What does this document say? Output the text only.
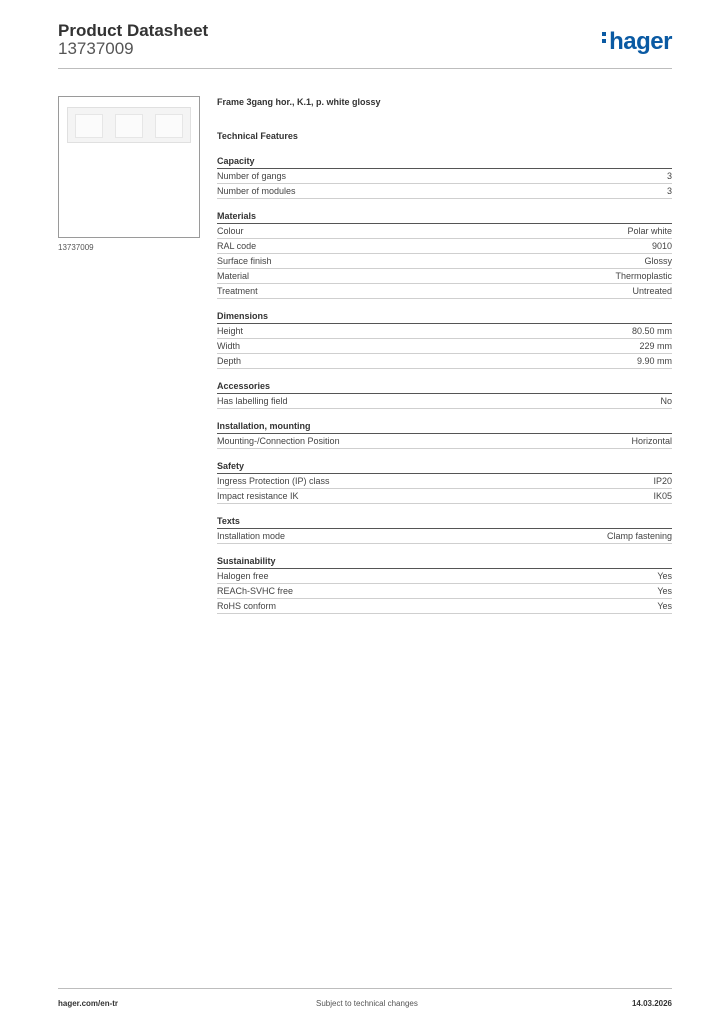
Product Datasheet
13737009	hager
13737009
Frame 3gang hor., K.1, p. white glossy
Technical Features
Capacity
Number of gangs	3
Number of modules	3
Materials
Colour	Polar white
RAL code	9010
Surface finish	Glossy
Material	Thermoplastic
Treatment	Untreated
Dimensions
Height	80.50 mm
Width	229 mm
Depth	9.90 mm
Accessories
Has labelling field	No
Installation, mounting
Mounting-/Connection Position	Horizontal
Safety
Ingress Protection (IP) class	IP20
Impact resistance IK	IK05
Texts
Installation mode	Clamp fastening
Sustainability
Halogen free	Yes
REACh-SVHC free	Yes
RoHS conform	Yes
hager.com/en-tr	Subject to technical changes	14.03.2026
